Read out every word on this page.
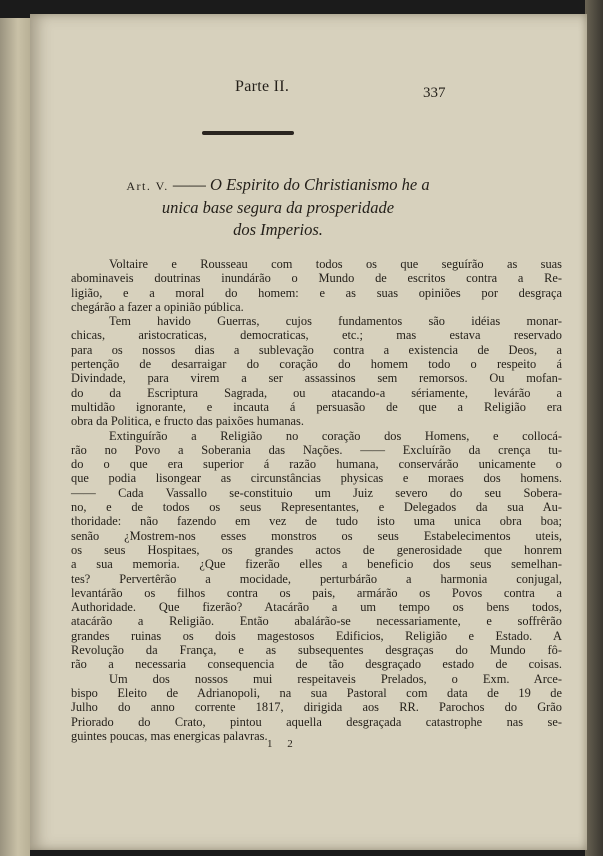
Parte II.	337
Art. V. —— O Espirito do Christianismo he a
unica base segura da prosperidade
dos Imperios.
Voltaire e Rousseau com todos os que seguírão as suas
abominaveis doutrinas inundárão o Mundo de escritos contra a Re-
ligião, e a moral do homem: e as suas opiniões por desgraça
chegárão a fazer a opinião pública.
Tem havido Guerras, cujos fundamentos são idéias monar-
chicas, aristocraticas, democraticas, etc.; mas estava reservado
para os nossos dias a sublevação contra a existencia de Deos, a
pertenção de desarraigar do coração do homem todo o respeito á
Divindade, para virem a ser assassinos sem remorsos. Ou mofan-
do da Escriptura Sagrada, ou atacando-a sériamente, levárão a
multidão ignorante, e incauta á persuasão de que a Religião era
obra da Politica, e fructo das paixões humanas.
Extinguírão a Religião no coração dos Homens, e collocá-
rão no Povo a Soberania das Nações. —— Excluírão da crença tu-
do o que era superior á razão humana, conservárão unicamente o
que podia lisongear as circunstâncias physicas e moraes dos homens.
—— Cada Vassallo se-constituio um Juiz severo do seu Sobera-
no, e de todos os seus Representantes, e Delegados da sua Au-
thoridade: não fazendo em vez de tudo isto uma unica obra boa;
senão ¿Mostrem-nos esses monstros os seus Estabelecimentos uteis,
os seus Hospitaes, os grandes actos de generosidade que honrem
a sua memoria. ¿Que fizerão elles a beneficio dos seus semelhan-
tes? Pervertêrão a mocidade, perturbárão a harmonia conjugal,
levantárão os filhos contra os pais, armárão os Povos contra a
Authoridade. Que fizerão? Atacárão a um tempo os bens todos,
atacárão a Religião. Então abalárão-se necessariamente, e soffrêrão
grandes ruinas os dois magestosos Edificios, Religião e Estado. A
Revolução da França, e as subsequentes desgraças do Mundo fô-
rão a necessaria consequencia de tão desgraçado estado de coisas.
Um dos nossos mui respeitaveis Prelados, o Exm. Arce-
bispo Eleito de Adrianopoli, na sua Pastoral com data de 19 de
Julho do anno corrente 1817, dirigida aos RR. Parochos do Grão
Priorado do Crato, pintou aquella desgraçada catastrophe nas se-
guintes poucas, mas energicas palavras.
1 2
